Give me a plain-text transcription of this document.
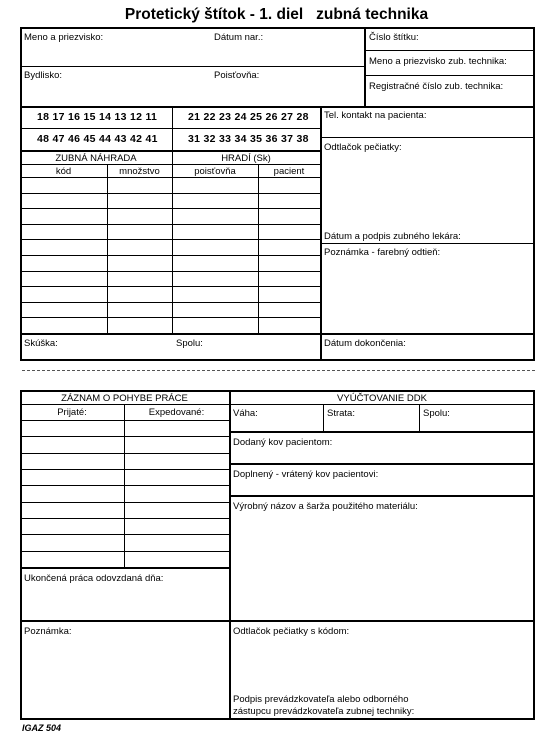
Protetický štítok - 1. diel   zubná technika
Meno a priezvisko:	Dátum nar.:	Číslo štítku:
Meno a priezvisko zub. technika:
Bydlisko:	Poisťovňa:
Registračné číslo zub. technika:
18 17 16 15 14 13 12 11	21 22 23 24 25 26 27 28
48 47 46 45 44 43 42 41	31 32 33 34 35 36 37 38
Tel. kontakt na pacienta:
Odtlačok pečiatky:
Dátum a podpis zubného lekára:
Poznámka - farebný odtieň:
ZUBNÁ NÁHRADA	HRADÍ (Sk)
kód	množstvo	poisťovňa	pacient
Skúška:	Spolu:	Dátum dokončenia:
ZÁZNAM O POHYBE PRÁCE	VYÚČTOVANIE DDK
Prijaté:	Expedované:
Ukončená práca odovzdaná dňa:
Poznámka:
Váha:	Strata:	Spolu:
Dodaný kov pacientom:
Doplnený - vrátený kov pacientovi:
Výrobný názov a šarža použitého materiálu:
Odtlačok pečiatky s kódom:
Podpis prevádzkovateľa alebo odborného
zástupcu prevádzkovateľa zubnej techniky:
IGAZ 504
